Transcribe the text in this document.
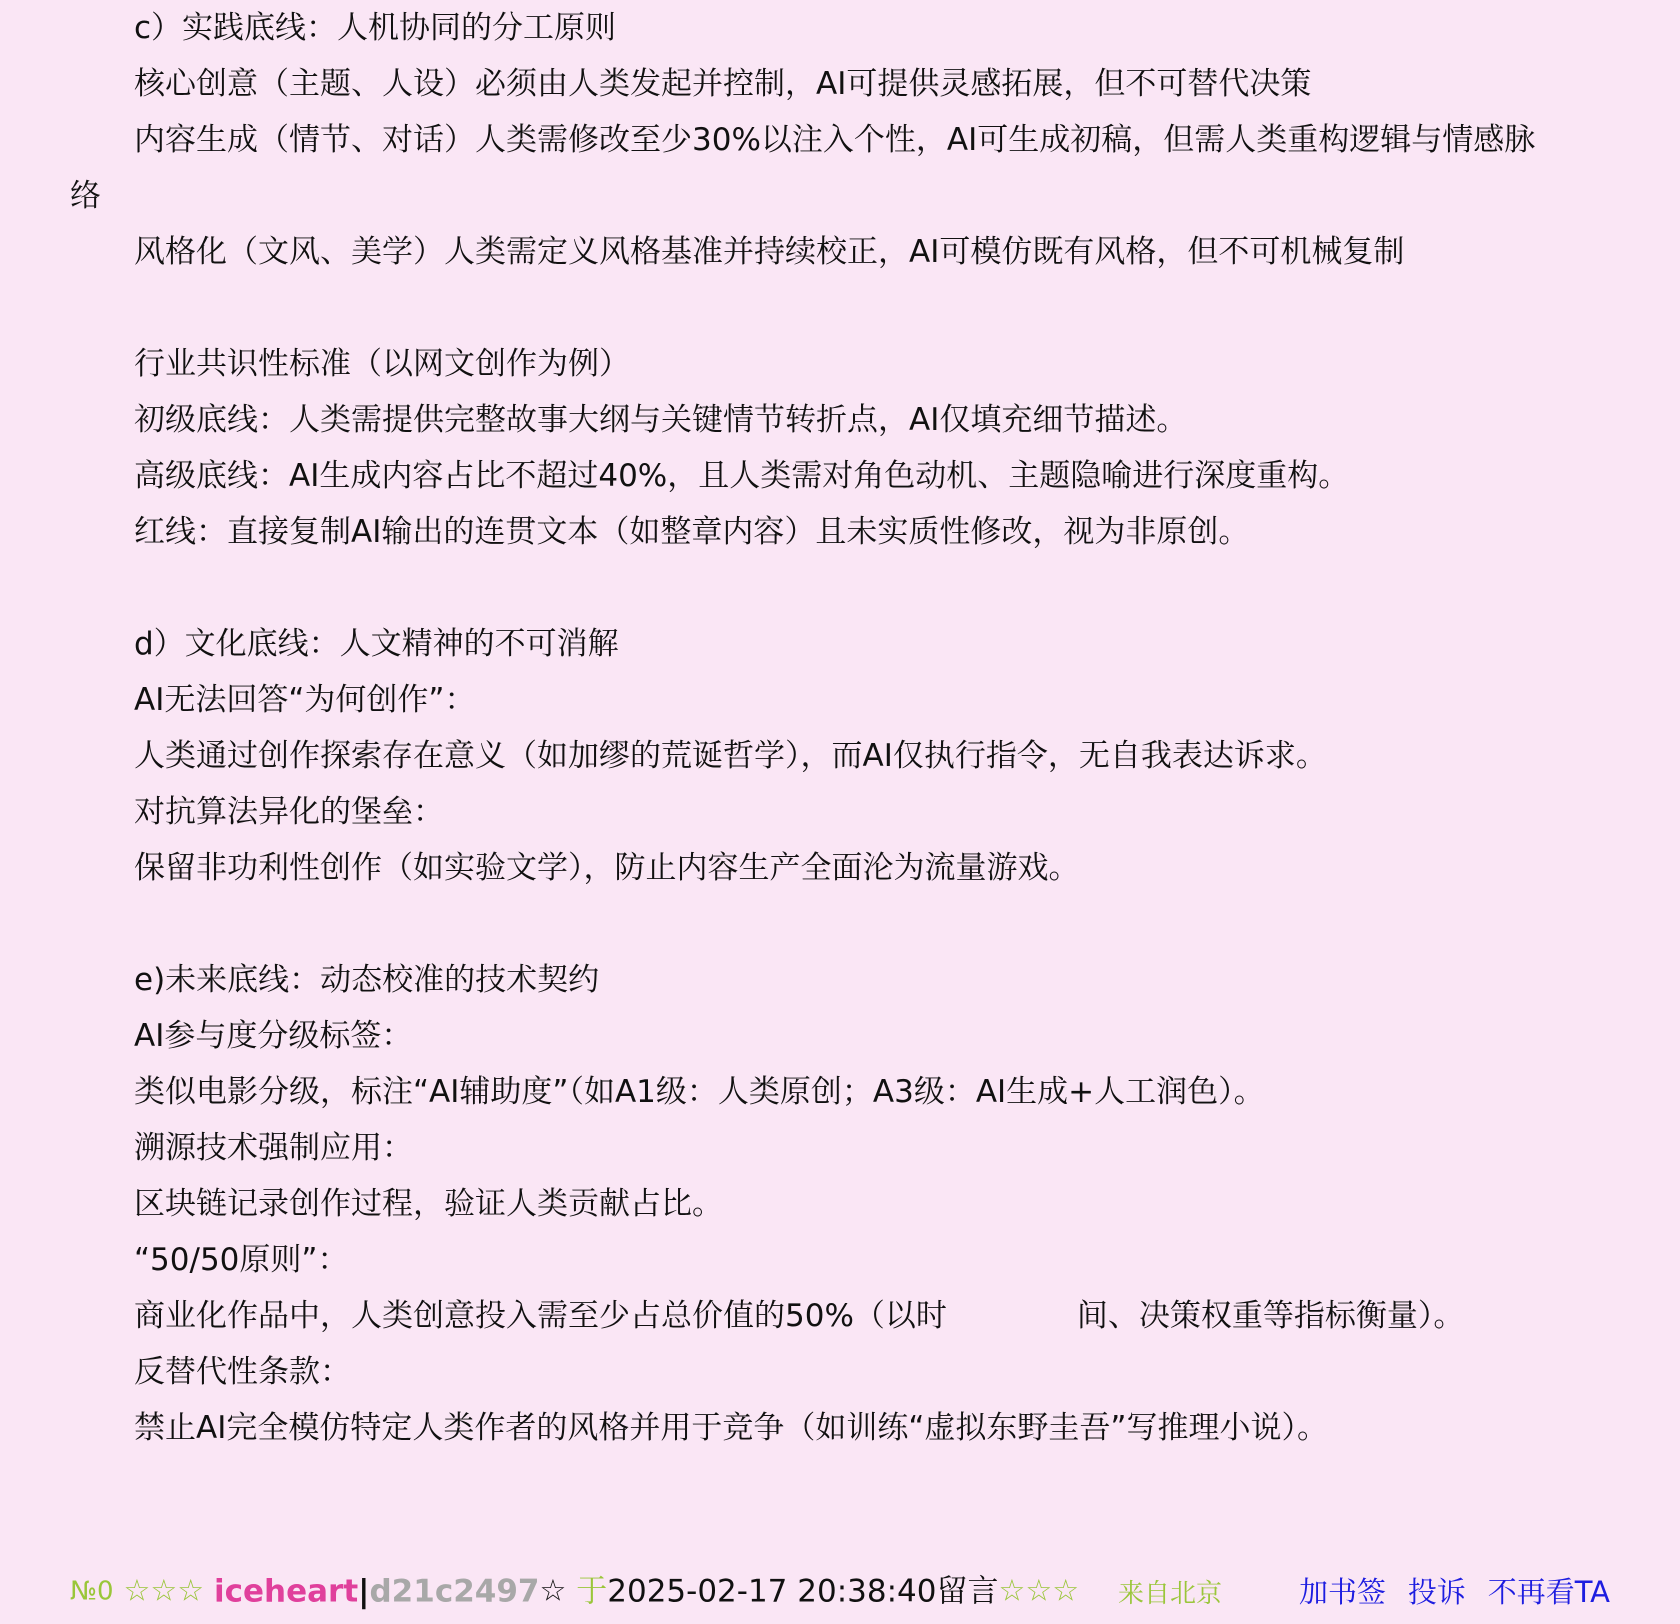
c）实践底线：人机协同的分工原则
核心创意（主题、人设）必须由人类发起并控制，AI可提供灵感拓展，但不可替代决策
内容生成（情节、对话）人类需修改至少30%以注入个性，AI可生成初稿，但需人类重构逻辑与情感脉
络
风格化（文风、美学）人类需定义风格基准并持续校正，AI可模仿既有风格，但不可机械复制
行业共识性标准（以网文创作为例）
初级底线：人类需提供完整故事大纲与关键情节转折点，AI仅填充细节描述。
高级底线：AI生成内容占比不超过40%，且人类需对角色动机、主题隐喻进行深度重构。
红线：直接复制AI输出的连贯文本（如整章内容）且未实质性修改，视为非原创。
d）文化底线：人文精神的不可消解
AI无法回答“为何创作”：
人类通过创作探索存在意义（如加缪的荒诞哲学），而AI仅执行指令，无自我表达诉求。
对抗算法异化的堡垒：
保留非功利性创作（如实验文学），防止内容生产全面沦为流量游戏。
e)未来底线：动态校准的技术契约
AI参与度分级标签：
类似电影分级，标注“AI辅助度”（如A1级：人类原创；A3级：AI生成+人工润色）。
溯源技术强制应用：
区块链记录创作过程，验证人类贡献占比。
“50/50原则”：
商业化作品中，人类创意投入需至少占总价值的50%（以时	间、决策权重等指标衡量）。
反替代性条款：
禁止AI完全模仿特定人类作者的风格并用于竞争（如训练“虚拟东野圭吾”写推理小说）。
№0 ☆☆☆ iceheart|d21c2497☆ 于2025-02-17 20:38:40留言☆☆☆ 来自北京	加书签 投诉 不再看TA
